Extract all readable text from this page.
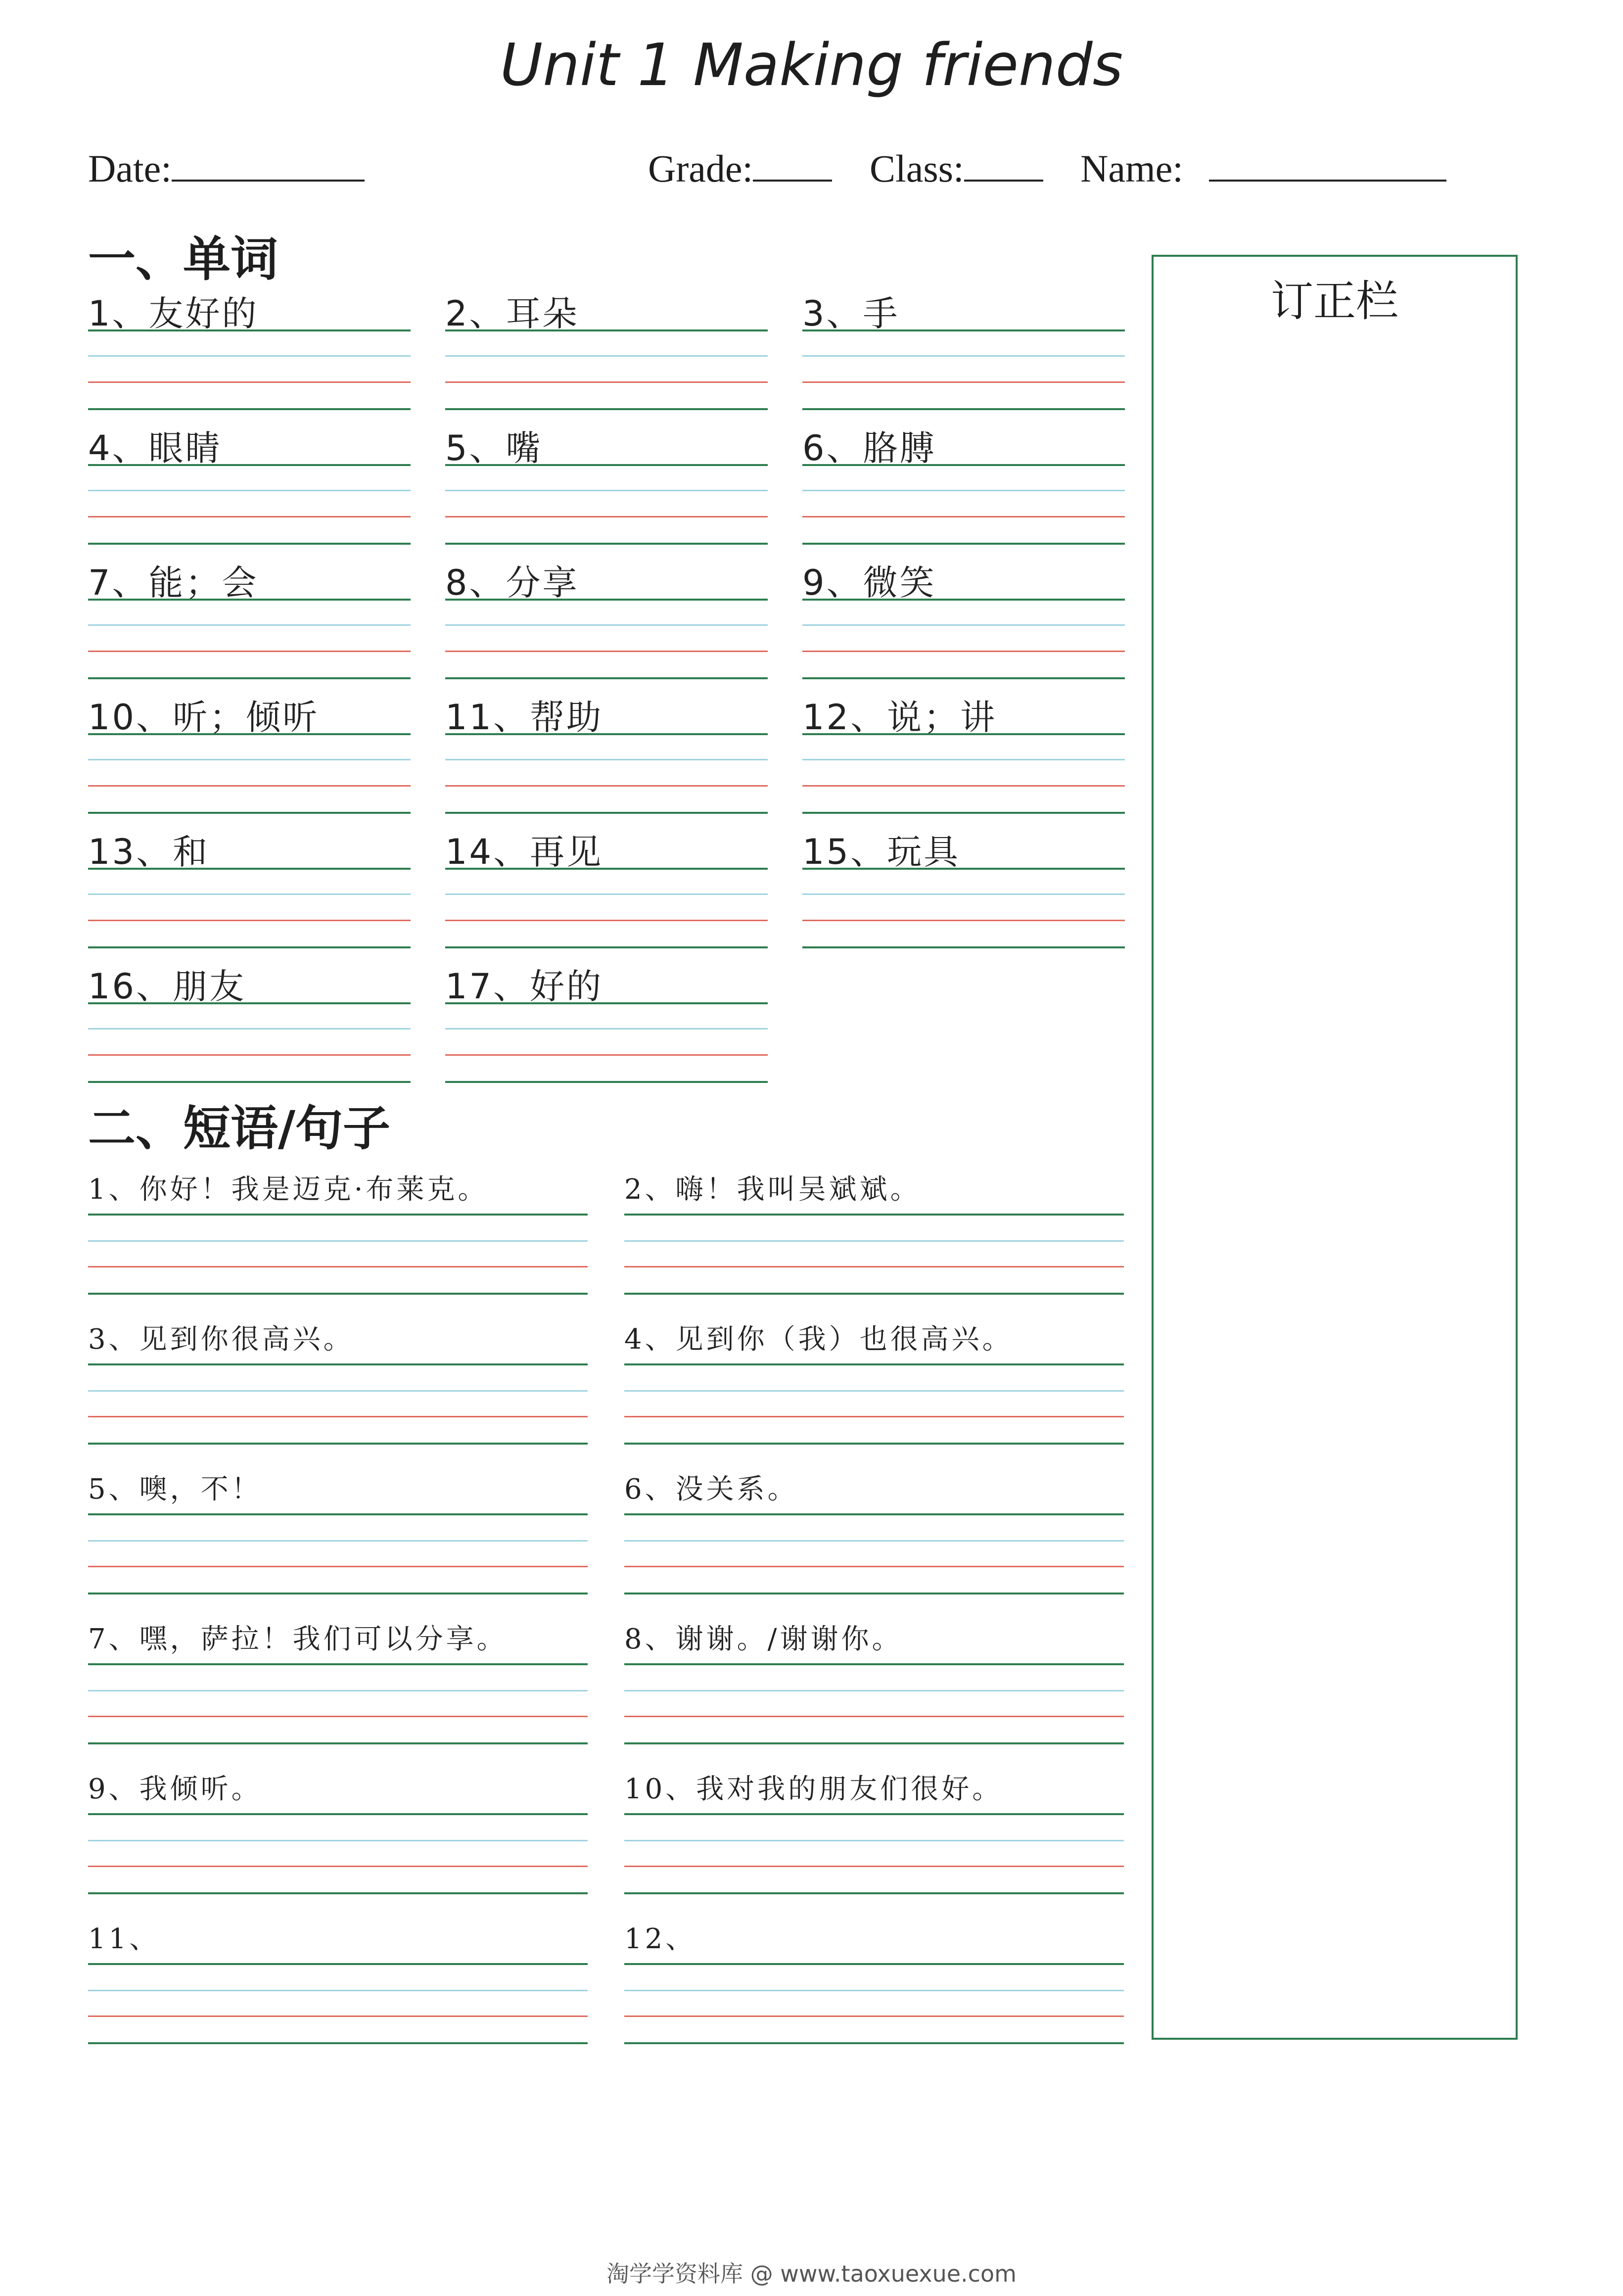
Unit 1 Making friends
Date:	Grade:	Class:	Name:
一、单词
1、友好的	2、耳朵	3、手
4、眼睛	5、嘴	6、胳膊
7、能；会	8、分享	9、微笑
10、听；倾听	11、帮助	12、说；讲
13、和	14、再见	15、玩具
16、朋友	17、好的
二、短语/句子
1、你好！我是迈克·布莱克。	2、嗨！我叫吴斌斌。
3、见到你很高兴。	4、见到你（我）也很高兴。
5、噢，不！	6、没关系。
7、嘿，萨拉！我们可以分享。	8、谢谢。/谢谢你。
9、我倾听。	10、我对我的朋友们很好。
11、	12、
订正栏
淘学学资料库 @ www.taoxuexue.com
